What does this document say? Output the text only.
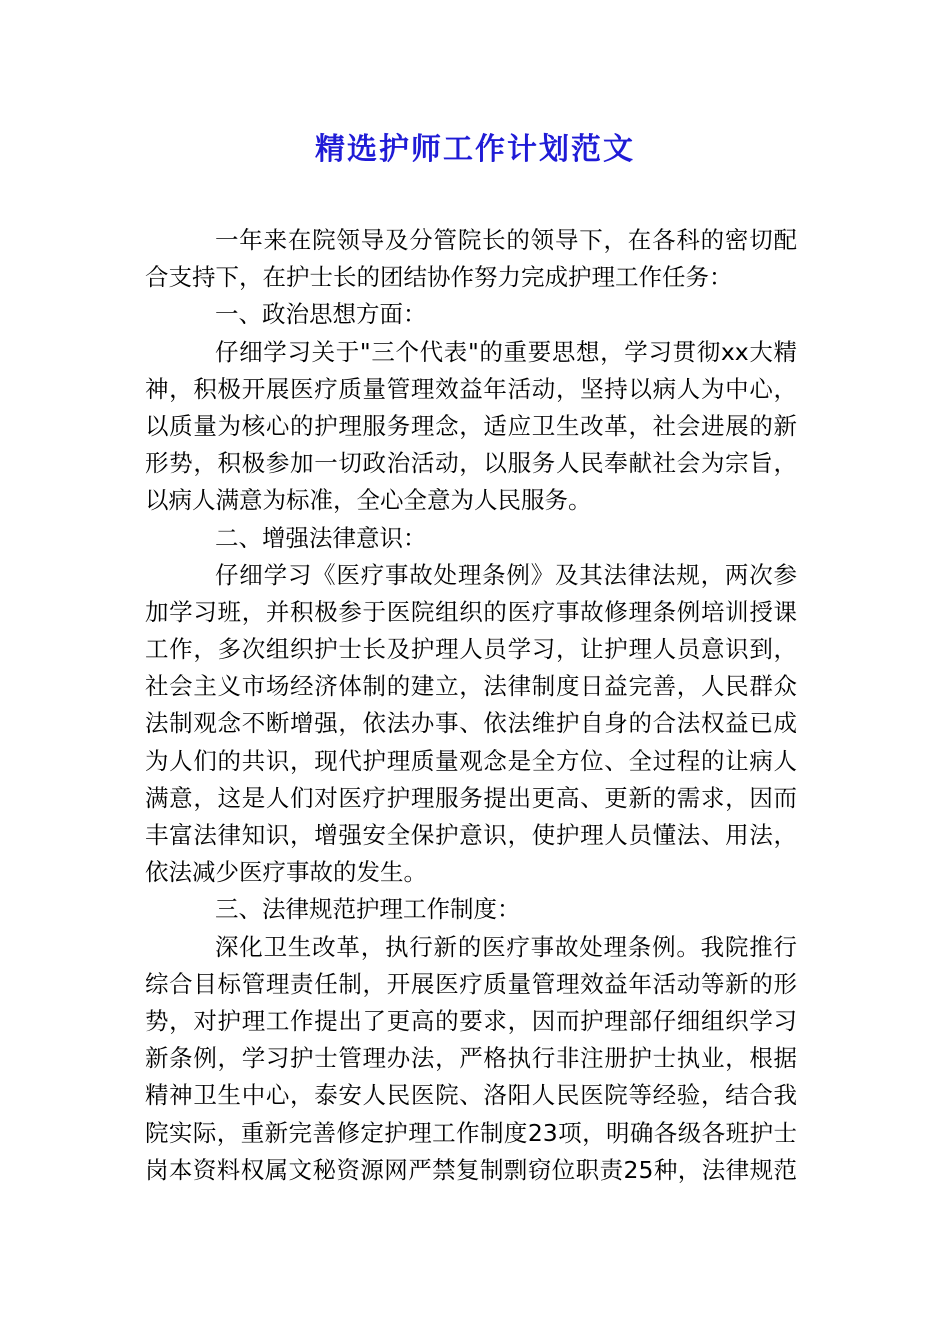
精选护师工作计划范文
一年来在院领导及分管院长的领导下，在各科的密切配
合支持下，在护士长的团结协作努力完成护理工作任务：
一、政治思想方面：
仔细学习关于"三个代表"的重要思想，学习贯彻xx大精
神，积极开展医疗质量管理效益年活动，坚持以病人为中心，
以质量为核心的护理服务理念，适应卫生改革，社会进展的新
形势，积极参加一切政治活动，以服务人民奉献社会为宗旨，
以病人满意为标准，全心全意为人民服务。
二、增强法律意识：
仔细学习《医疗事故处理条例》及其法律法规，两次参
加学习班，并积极参于医院组织的医疗事故修理条例培训授课
工作，多次组织护士长及护理人员学习，让护理人员意识到，
社会主义市场经济体制的建立，法律制度日益完善，人民群众
法制观念不断增强，依法办事、依法维护自身的合法权益已成
为人们的共识，现代护理质量观念是全方位、全过程的让病人
满意，这是人们对医疗护理服务提出更高、更新的需求，因而
丰富法律知识，增强安全保护意识，使护理人员懂法、用法，
依法减少医疗事故的发生。
三、法律规范护理工作制度：
深化卫生改革，执行新的医疗事故处理条例。我院推行
综合目标管理责任制，开展医疗质量管理效益年活动等新的形
势，对护理工作提出了更高的要求，因而护理部仔细组织学习
新条例，学习护士管理办法，严格执行非注册护士执业，根据
精神卫生中心，泰安人民医院、洛阳人民医院等经验，结合我
院实际，重新完善修定护理工作制度23项，明确各级各班护士
岗本资料权属文秘资源网严禁复制剽窃位职责25种，法律规范
